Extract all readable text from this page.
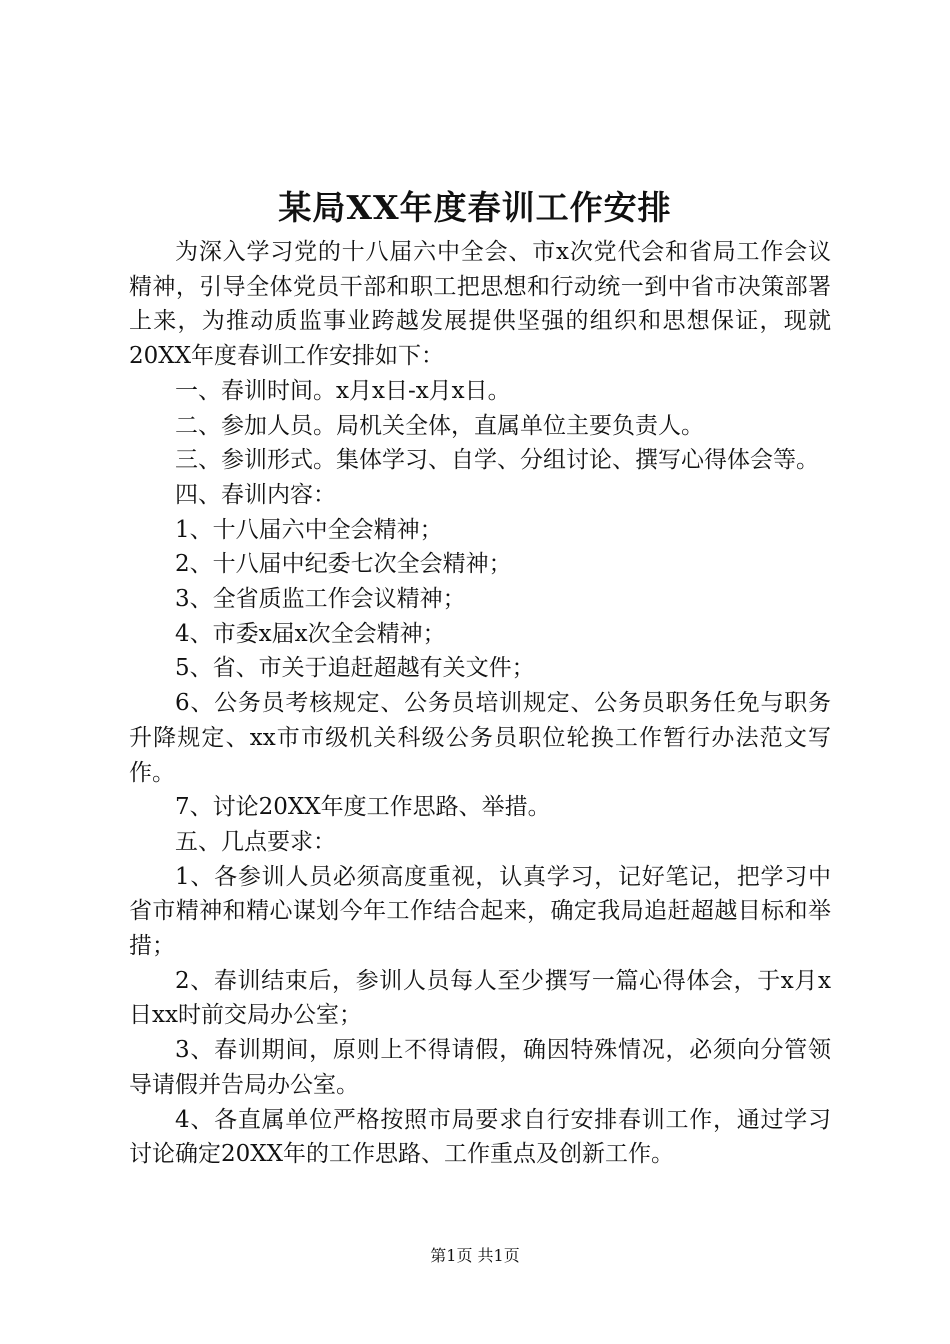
某局XX年度春训工作安排

为深入学习党的十八届六中全会、市x次党代会和省局工作会议精神，引导全体党员干部和职工把思想和行动统一到中省市决策部署上来，为推动质监事业跨越发展提供坚强的组织和思想保证，现就20XX年度春训工作安排如下：

一、春训时间。x月x日-x月x日。

二、参加人员。局机关全体，直属单位主要负责人。

三、参训形式。集体学习、自学、分组讨论、撰写心得体会等。

四、春训内容：

1、十八届六中全会精神；

2、十八届中纪委七次全会精神；

3、全省质监工作会议精神；

4、市委x届x次全会精神；

5、省、市关于追赶超越有关文件；

6、公务员考核规定、公务员培训规定、公务员职务任免与职务升降规定、xx市市级机关科级公务员职位轮换工作暂行办法范文写作。

7、讨论20XX年度工作思路、举措。

五、几点要求：

1、各参训人员必须高度重视，认真学习，记好笔记，把学习中省市精神和精心谋划今年工作结合起来，确定我局追赶超越目标和举措；

2、春训结束后，参训人员每人至少撰写一篇心得体会，于x月x日xx时前交局办公室；

3、春训期间，原则上不得请假，确因特殊情况，必须向分管领导请假并告局办公室。

4、各直属单位严格按照市局要求自行安排春训工作，通过学习讨论确定20XX年的工作思路、工作重点及创新工作。

第1页 共1页
